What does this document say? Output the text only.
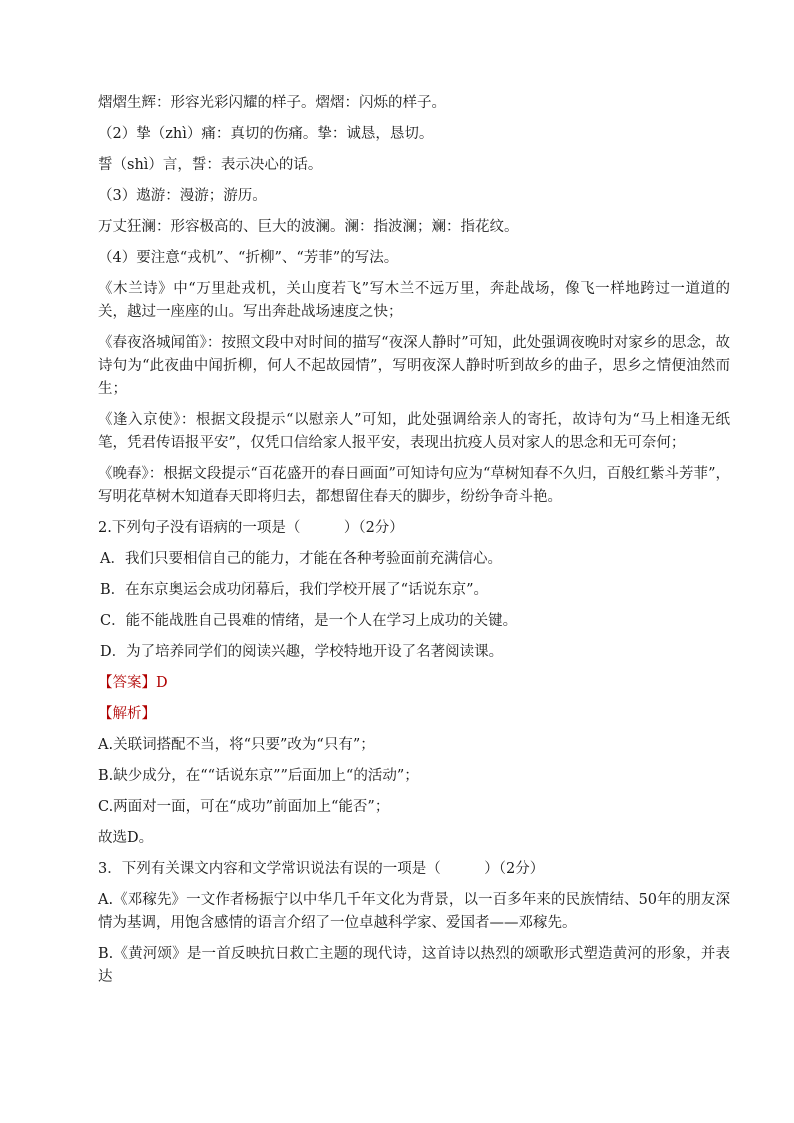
熠熠生辉：形容光彩闪耀的样子。熠熠：闪烁的样子。

（2）挚（zhì）痛：真切的伤痛。挚：诚恳，恳切。

誓（shì）言，誓：表示决心的话。

（3）遨游：漫游；游历。

万丈狂澜：形容极高的、巨大的波澜。澜：指波澜；斓：指花纹。

（4）要注意“戎机”、“折柳”、“芳菲”的写法。

《木兰诗》中“万里赴戎机，关山度若飞”写木兰不远万里，奔赴战场，像飞一样地跨过一道道的关，越过一座座的山。写出奔赴战场速度之快；

《春夜洛城闻笛》：按照文段中对时间的描写“夜深人静时”可知，此处强调夜晚时对家乡的思念，故诗句为“此夜曲中闻折柳，何人不起故园情”，写明夜深人静时听到故乡的曲子，思乡之情便油然而生；

《逢入京使》：根据文段提示“以慰亲人”可知，此处强调给亲人的寄托，故诗句为“马上相逢无纸笔，凭君传语报平安”，仅凭口信给家人报平安，表现出抗疫人员对家人的思念和无可奈何；

《晚春》：根据文段提示“百花盛开的春日画面”可知诗句应为“草树知春不久归，百般红紫斗芳菲”，写明花草树木知道春天即将归去，都想留住春天的脚步，纷纷争奇斗艳。

2.下列句子没有语病的一项是（　　　）（2分）

A．我们只要相信自己的能力，才能在各种考验面前充满信心。

B．在东京奥运会成功闭幕后，我们学校开展了“话说东京”。

C．能不能战胜自己畏难的情绪，是一个人在学习上成功的关键。

D．为了培养同学们的阅读兴趣，学校特地开设了名著阅读课。

【答案】D

【解析】

A.关联词搭配不当，将“只要”改为“只有”；

B.缺少成分，在““话说东京””后面加上“的活动”；

C.两面对一面，可在“成功”前面加上“能否”；

故选D。

3．下列有关课文内容和文学常识说法有误的一项是（　　　）（2分）

A.《邓稼先》一文作者杨振宁以中华几千年文化为背景，以一百多年来的民族情结、50年的朋友深情为基调，用饱含感情的语言介绍了一位卓越科学家、爱国者——邓稼先。

B.《黄河颂》是一首反映抗日救亡主题的现代诗，这首诗以热烈的颂歌形式塑造黄河的形象，并表达
